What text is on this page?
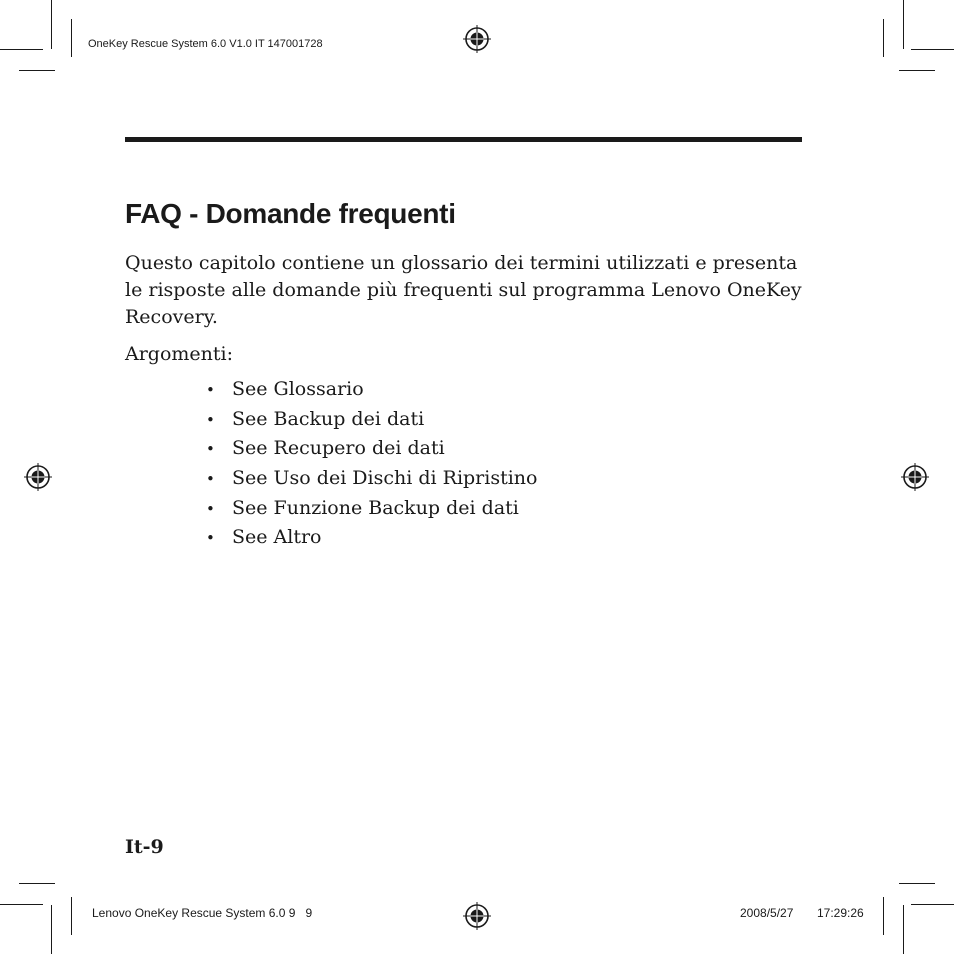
OneKey Rescue System 6.0 V1.0 IT 147001728
FAQ - Domande frequenti

Questo capitolo contiene un glossario dei termini utilizzati e presenta
le risposte alle domande più frequenti sul programma Lenovo OneKey
Recovery.

Argomenti:
• See Glossario
• See Backup dei dati
• See Recupero dei dati
• See Uso dei Dischi di Ripristino
• See Funzione Backup dei dati
• See Altro
It-9
Lenovo OneKey Rescue System 6.0 9   9	2008/5/27 17:29:26
